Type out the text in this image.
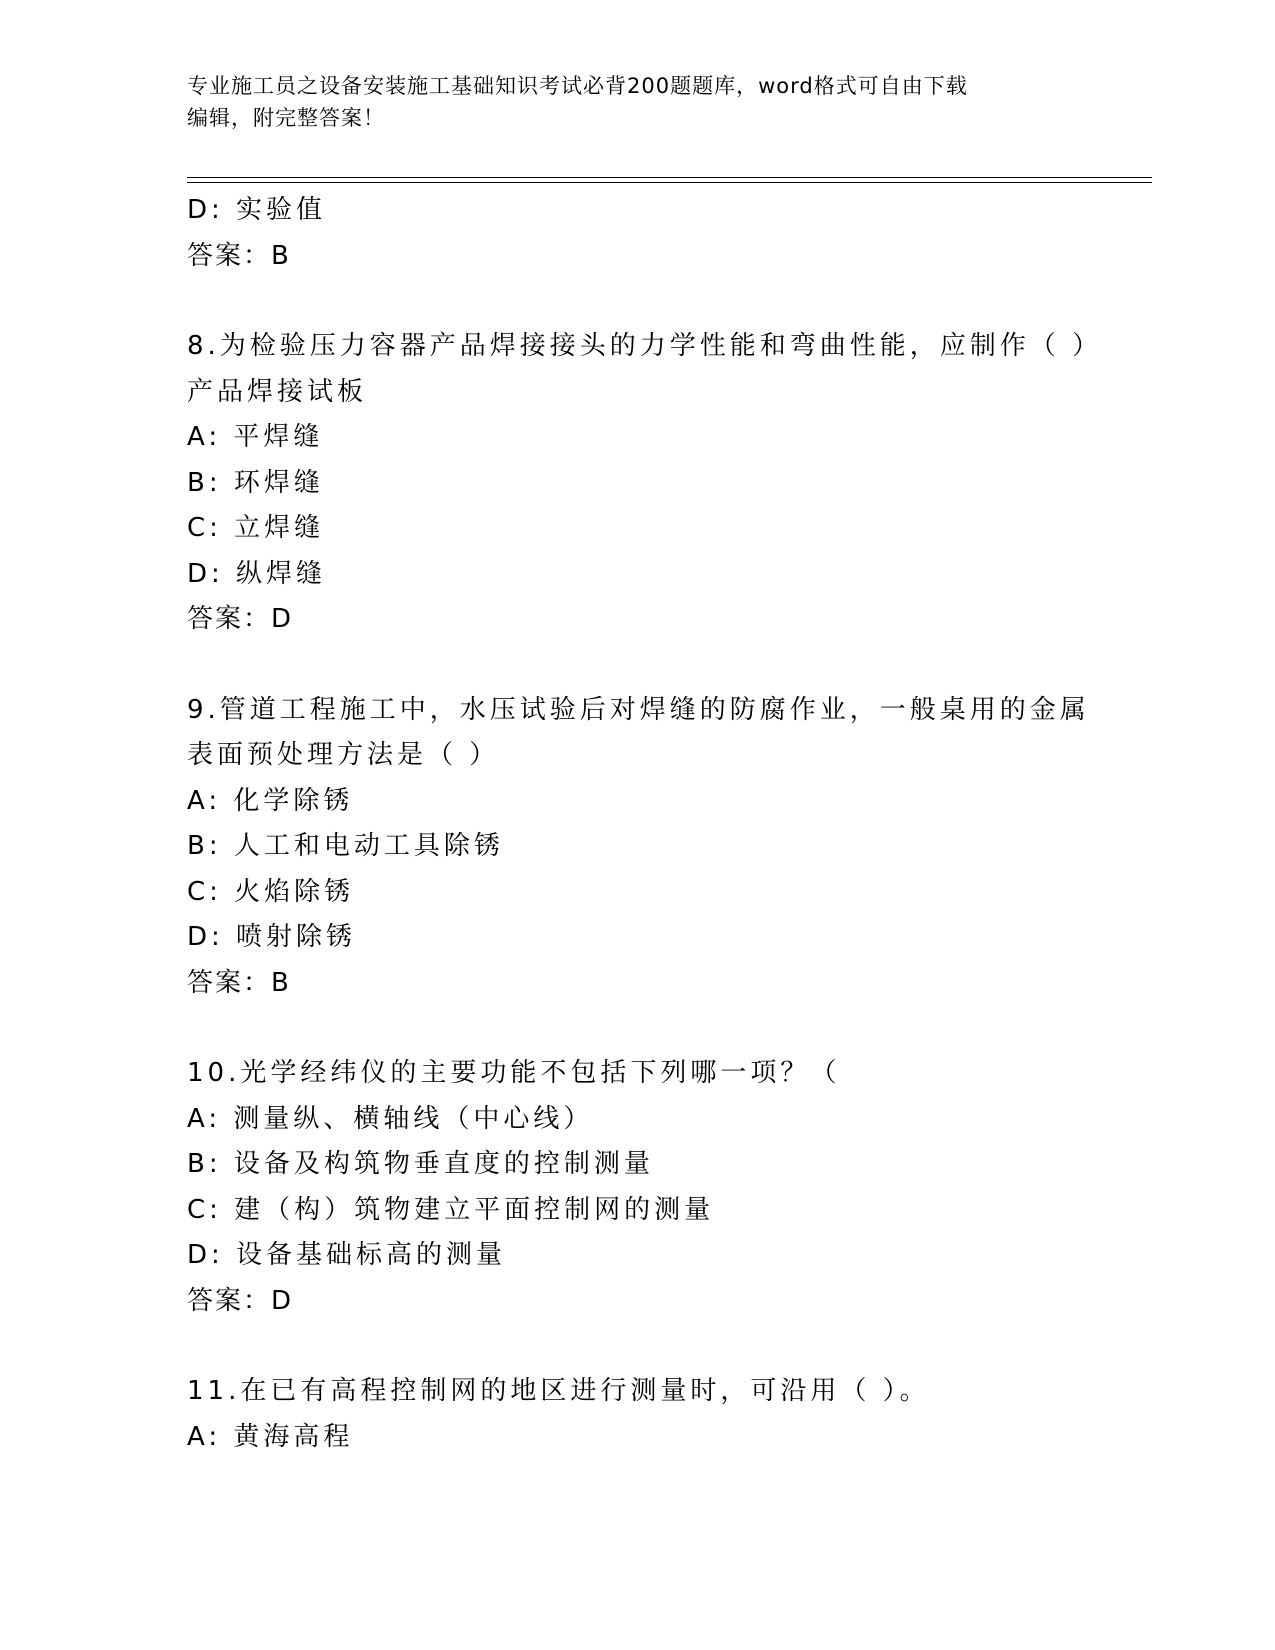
专业施工员之设备安装施工基础知识考试必背200题题库，word格式可自由下载
编辑，附完整答案！
D: 实验值
答案：B
8.为检验压力容器产品焊接接头的力学性能和弯曲性能，应制作（ ）
产品焊接试板
A: 平焊缝
B: 环焊缝
C: 立焊缝
D: 纵焊缝
答案：D
9.管道工程施工中，水压试验后对焊缝的防腐作业，一般桌用的金属
表面预处理方法是（ ）
A: 化学除锈
B: 人工和电动工具除锈
C: 火焰除锈
D: 喷射除锈
答案：B
10.光学经纬仪的主要功能不包括下列哪一项？（
A: 测量纵、横轴线（中心线）
B: 设备及构筑物垂直度的控制测量
C: 建（构）筑物建立平面控制网的测量
D: 设备基础标高的测量
答案：D
11.在已有高程控制网的地区进行测量时，可沿用（ ）。
A: 黄海高程
